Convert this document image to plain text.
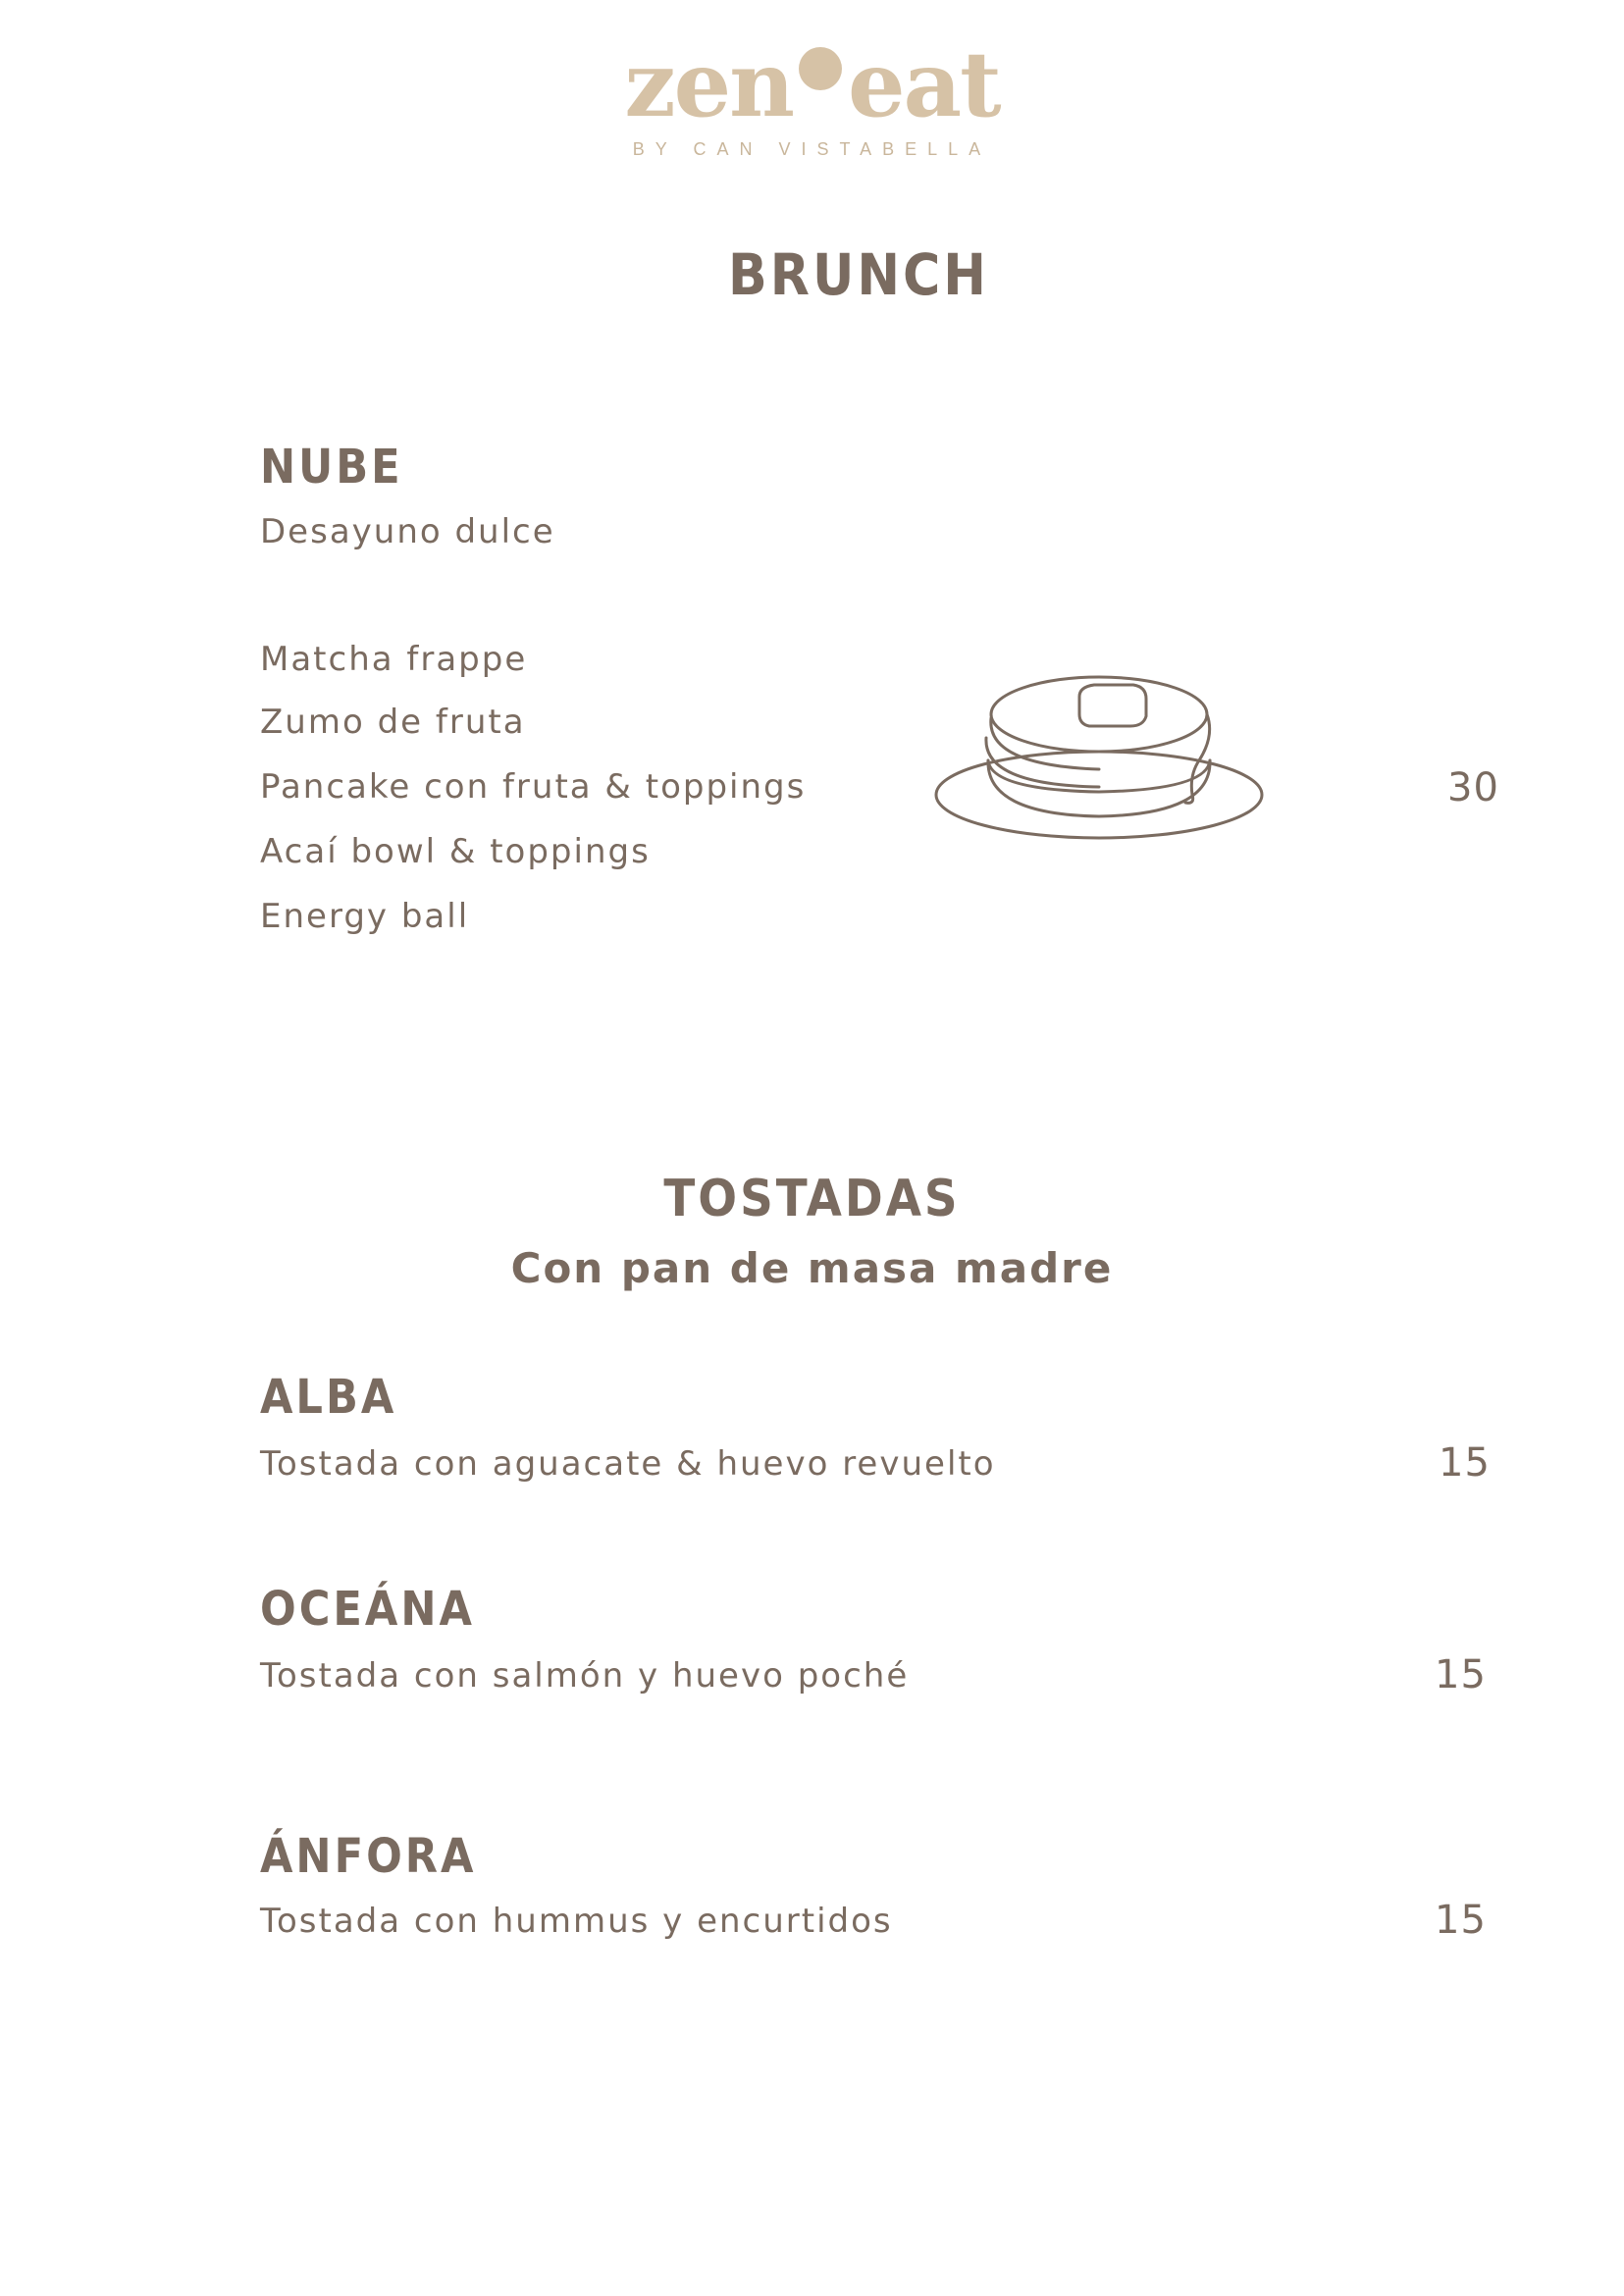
zen eat
BY CAN VISTABELLA
BRUNCH
NUBE
Desayuno dulce
Matcha frappe
Zumo de fruta
Pancake con fruta & toppings
Acaí bowl & toppings
Energy ball
30
TOSTADAS
Con pan de masa madre
ALBA
Tostada con aguacate & huevo revuelto	15
OCEÁNA
Tostada con salmón y huevo poché	15
ÁNFORA
Tostada con hummus y encurtidos	15
